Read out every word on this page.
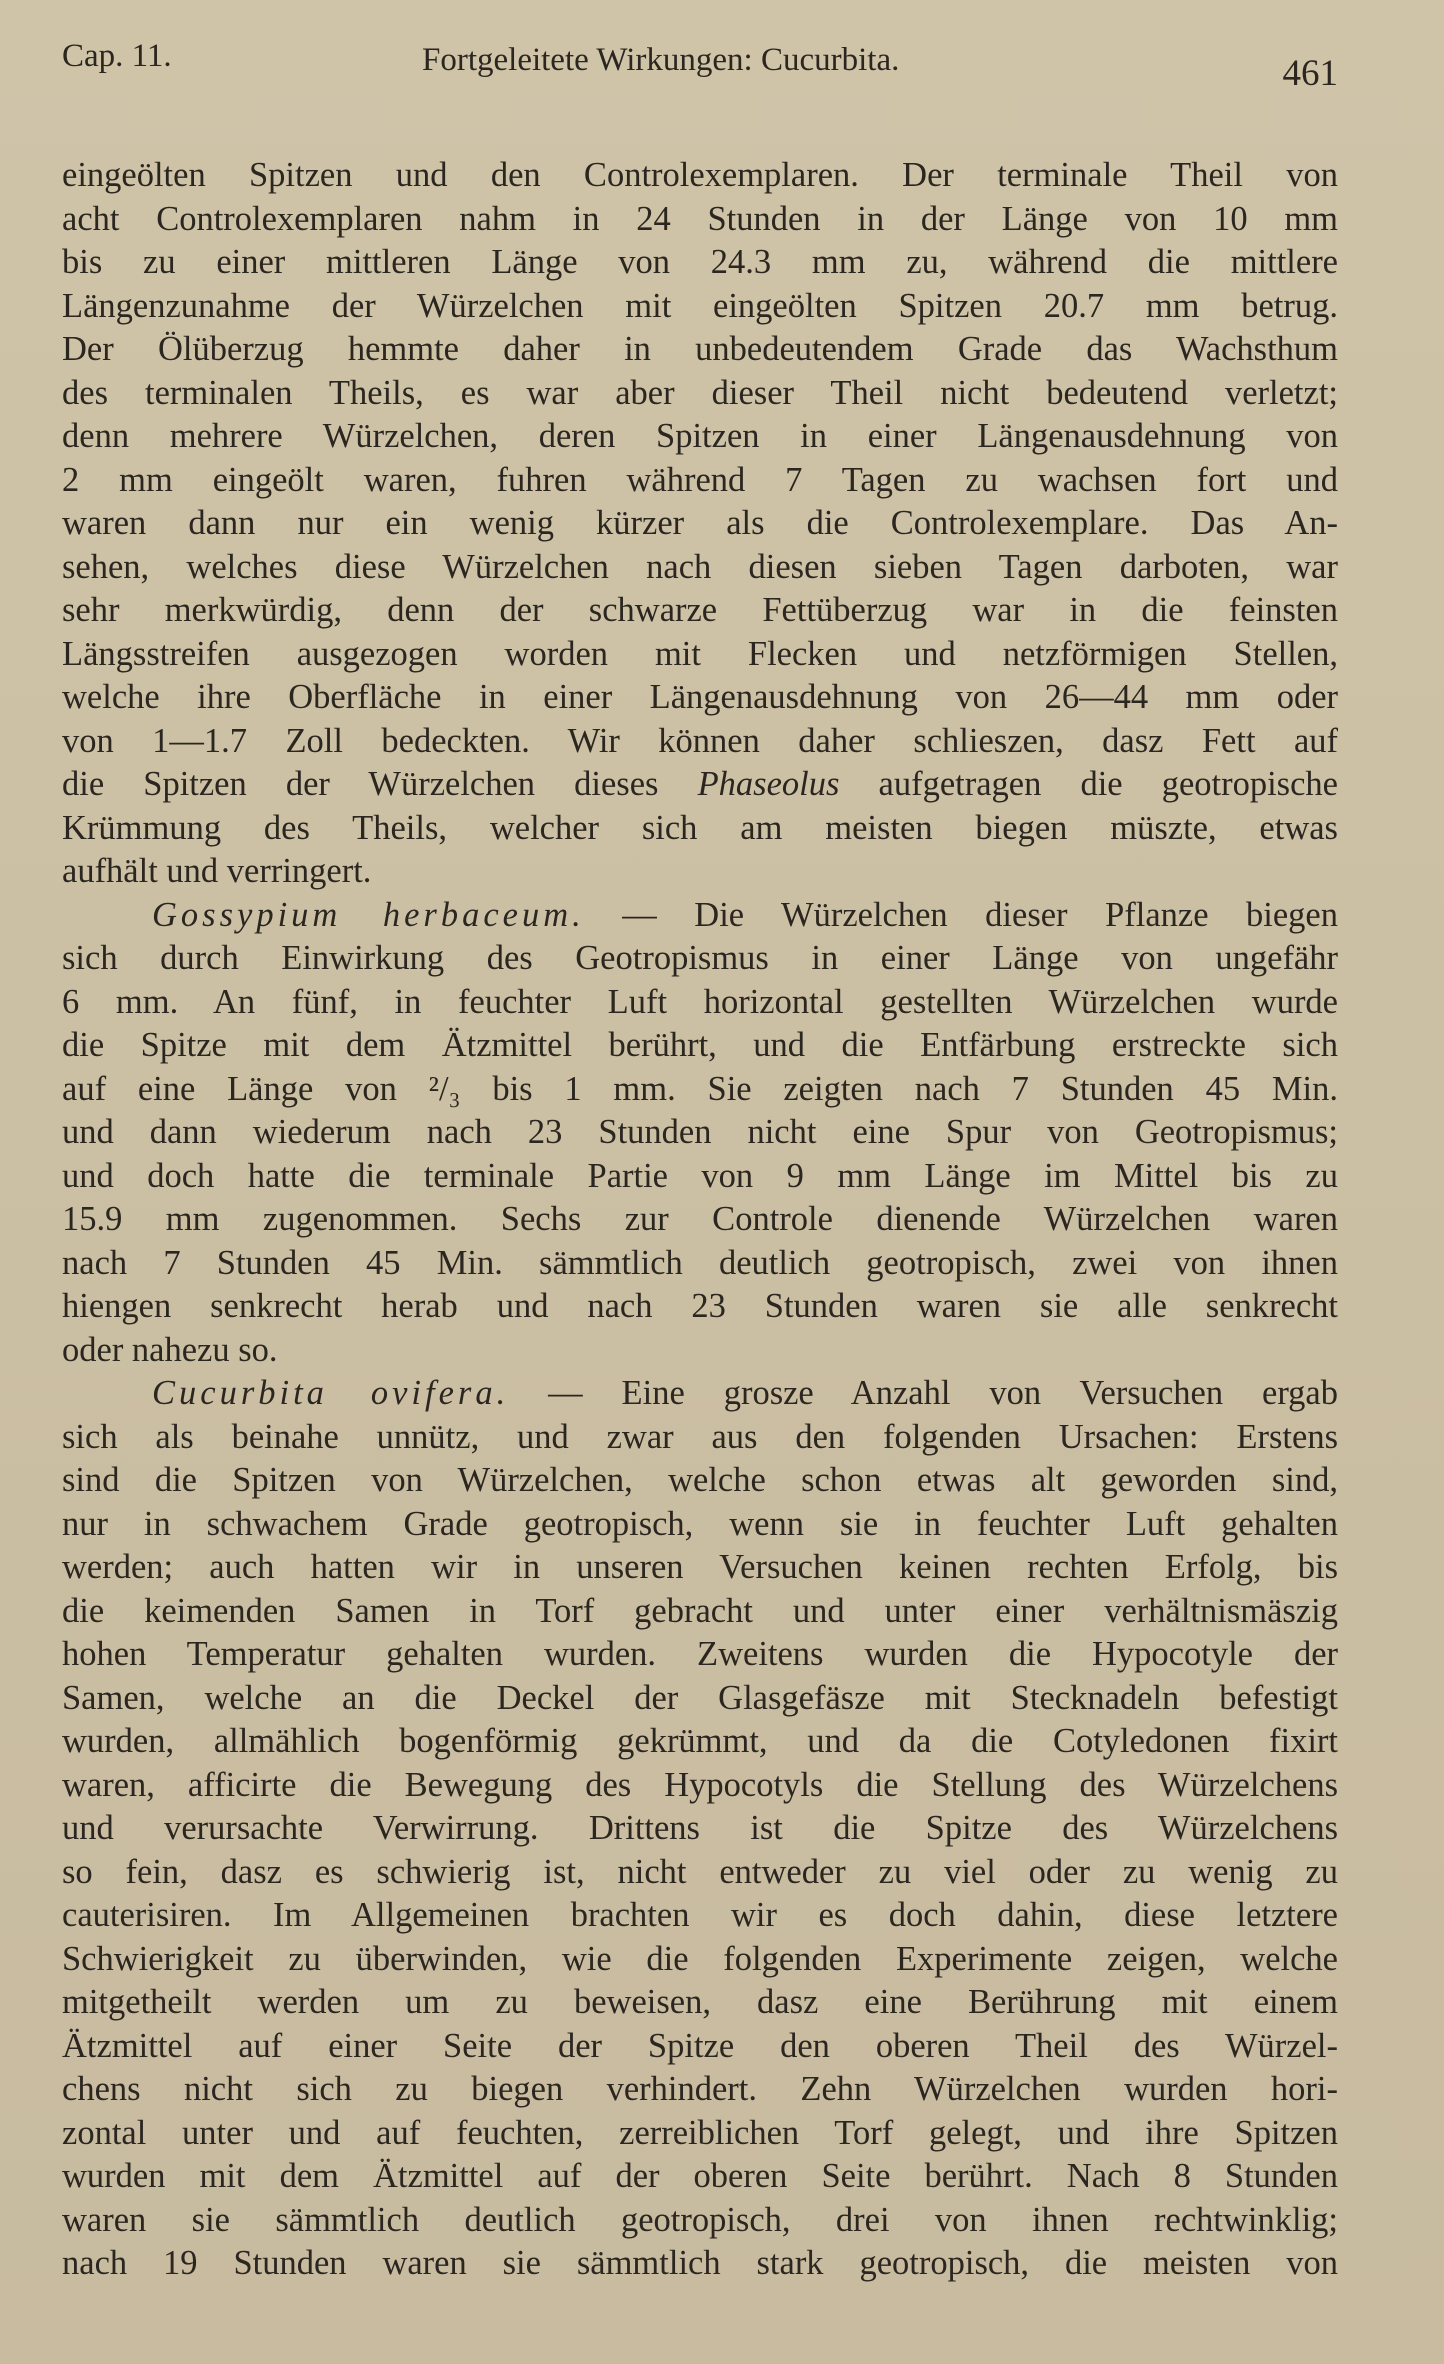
Cap. 11.	Fortgeleitete Wirkungen: Cucurbita.	461
eingeölten Spitzen und den Controlexemplaren. Der terminale Theil von
acht Controlexemplaren nahm in 24 Stunden in der Länge von 10 mm
bis zu einer mittleren Länge von 24.3 mm zu, während die mittlere
Längenzunahme der Würzelchen mit eingeölten Spitzen 20.7 mm betrug.
Der Ölüberzug hemmte daher in unbedeutendem Grade das Wachsthum
des terminalen Theils, es war aber dieser Theil nicht bedeutend verletzt;
denn mehrere Würzelchen, deren Spitzen in einer Längenausdehnung von
2 mm eingeölt waren, fuhren während 7 Tagen zu wachsen fort und
waren dann nur ein wenig kürzer als die Controlexemplare. Das An-
sehen, welches diese Würzelchen nach diesen sieben Tagen darboten, war
sehr merkwürdig, denn der schwarze Fettüberzug war in die feinsten
Längsstreifen ausgezogen worden mit Flecken und netzförmigen Stellen,
welche ihre Oberfläche in einer Längenausdehnung von 26—44 mm oder
von 1—1.7 Zoll bedeckten. Wir können daher schlieszen, dasz Fett auf
die Spitzen der Würzelchen dieses Phaseolus aufgetragen die geotropische
Krümmung des Theils, welcher sich am meisten biegen müszte, etwas
aufhält und verringert.
Gossypium herbaceum. — Die Würzelchen dieser Pflanze biegen
sich durch Einwirkung des Geotropismus in einer Länge von ungefähr
6 mm. An fünf, in feuchter Luft horizontal gestellten Würzelchen wurde
die Spitze mit dem Ätzmittel berührt, und die Entfärbung erstreckte sich
auf eine Länge von ²/₃ bis 1 mm. Sie zeigten nach 7 Stunden 45 Min.
und dann wiederum nach 23 Stunden nicht eine Spur von Geotropismus;
und doch hatte die terminale Partie von 9 mm Länge im Mittel bis zu
15.9 mm zugenommen. Sechs zur Controle dienende Würzelchen waren
nach 7 Stunden 45 Min. sämmtlich deutlich geotropisch, zwei von ihnen
hiengen senkrecht herab und nach 23 Stunden waren sie alle senkrecht
oder nahezu so.
Cucurbita ovifera. — Eine grosze Anzahl von Versuchen ergab
sich als beinahe unnütz, und zwar aus den folgenden Ursachen: Erstens
sind die Spitzen von Würzelchen, welche schon etwas alt geworden sind,
nur in schwachem Grade geotropisch, wenn sie in feuchter Luft gehalten
werden; auch hatten wir in unseren Versuchen keinen rechten Erfolg, bis
die keimenden Samen in Torf gebracht und unter einer verhältnismäszig
hohen Temperatur gehalten wurden. Zweitens wurden die Hypocotyle der
Samen, welche an die Deckel der Glasgefäsze mit Stecknadeln befestigt
wurden, allmählich bogenförmig gekrümmt, und da die Cotyledonen fixirt
waren, afficirte die Bewegung des Hypocotyls die Stellung des Würzelchens
und verursachte Verwirrung. Drittens ist die Spitze des Würzelchens
so fein, dasz es schwierig ist, nicht entweder zu viel oder zu wenig zu
cauterisiren. Im Allgemeinen brachten wir es doch dahin, diese letztere
Schwierigkeit zu überwinden, wie die folgenden Experimente zeigen, welche
mitgetheilt werden um zu beweisen, dasz eine Berührung mit einem
Ätzmittel auf einer Seite der Spitze den oberen Theil des Würzel-
chens nicht sich zu biegen verhindert. Zehn Würzelchen wurden hori-
zontal unter und auf feuchten, zerreiblichen Torf gelegt, und ihre Spitzen
wurden mit dem Ätzmittel auf der oberen Seite berührt. Nach 8 Stunden
waren sie sämmtlich deutlich geotropisch, drei von ihnen rechtwinklig;
nach 19 Stunden waren sie sämmtlich stark geotropisch, die meisten von
